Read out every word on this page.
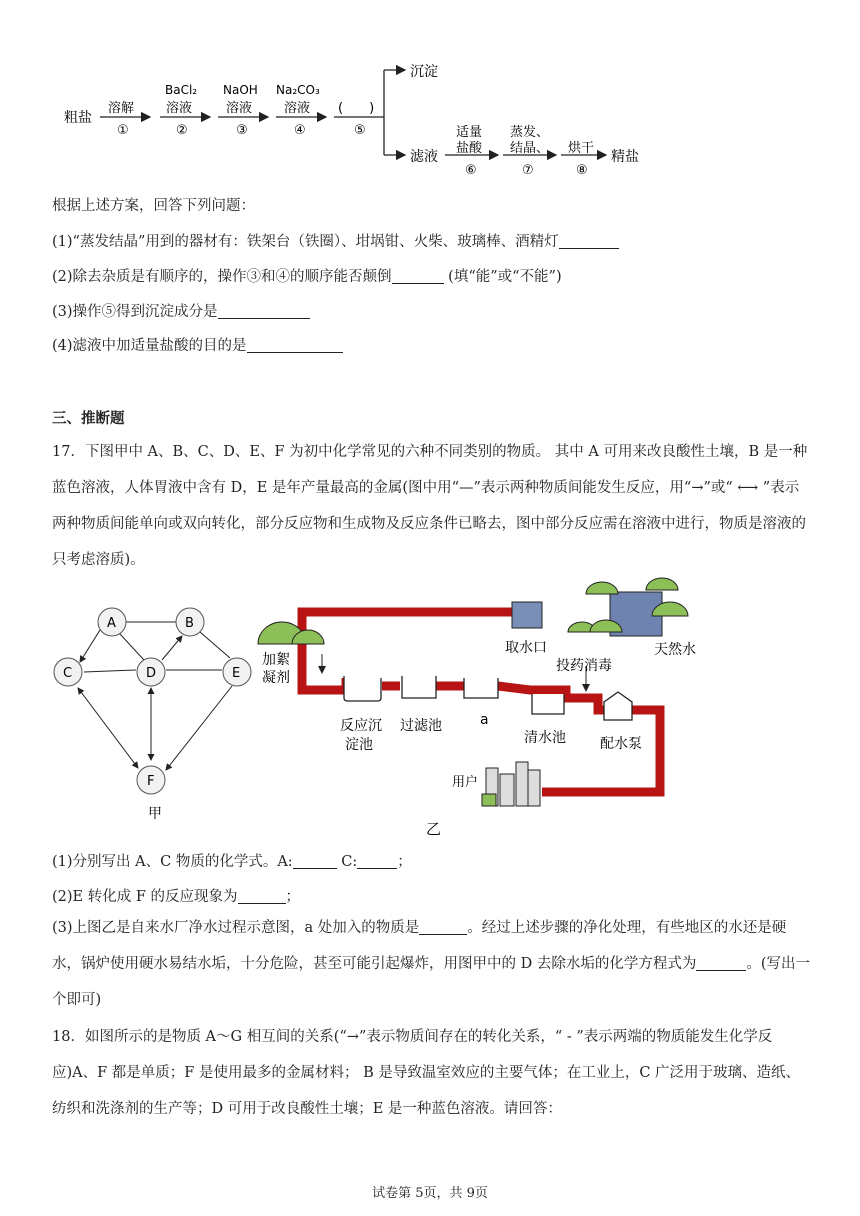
粗盐
溶解
①
BaCl₂
溶液
②
NaOH
溶液
③
Na₂CO₃
溶液
④
(　　)
⑤
沉淀
滤液
适量
盐酸
⑥
蒸发、
结晶、
⑦
烘干
⑧
精盐
根据上述方案，回答下列问题：
(1)“蒸发结晶”用到的器材有：铁架台（铁圈）、坩埚钳、火柴、玻璃棒、酒精灯
(2)除去杂质是有顺序的，操作③和④的顺序能否颠倒	(填“能”或“不能”)
(3)操作⑤得到沉淀成分是
(4)滤液中加适量盐酸的目的是
三、推断题
17．下图甲中 A、B、C、D、E、F 为初中化学常见的六种不同类别的物质。 其中 A 可用来改良酸性土壤，B 是一种蓝色溶液，人体胃液中含有 D，E 是年产量最高的金属(图中用“—”表示两种物质间能发生反应，用“→”或“ ⟷ ”表示两种物质间能单向或双向转化，部分反应物和生成物及反应条件已略去，图中部分反应需在溶液中进行，物质是溶液的只考虑溶质)。
A	B
C	D	E
F
甲
取水口	天然水
加絮
凝剂
投药消毒
反应沉
淀池
过滤池	a
清水池 配水泵
用户
乙
(1)分别写出 A、C 物质的化学式。A:	C:	；
(2)E 转化成 F 的反应现象为	；
(3)上图乙是自来水厂净水过程示意图，a 处加入的物质是	。经过上述步骤的净化处理，有些地区的水还是硬水，锅炉使用硬水易结水垢，十分危险，甚至可能引起爆炸，用图甲中的 D 去除水垢的化学方程式为	。(写出一个即可)
18．如图所示的是物质 A～G 相互间的关系(“→”表示物质间存在的转化关系，“ - ”表示两端的物质能发生化学反应)A、F 都是单质；F 是使用最多的金属材料； B 是导致温室效应的主要气体；在工业上，C 广泛用于玻璃、造纸、纺织和洗涤剂的生产等；D 可用于改良酸性土壤；E 是一种蓝色溶液。请回答：
试卷第 5页，共 9页
